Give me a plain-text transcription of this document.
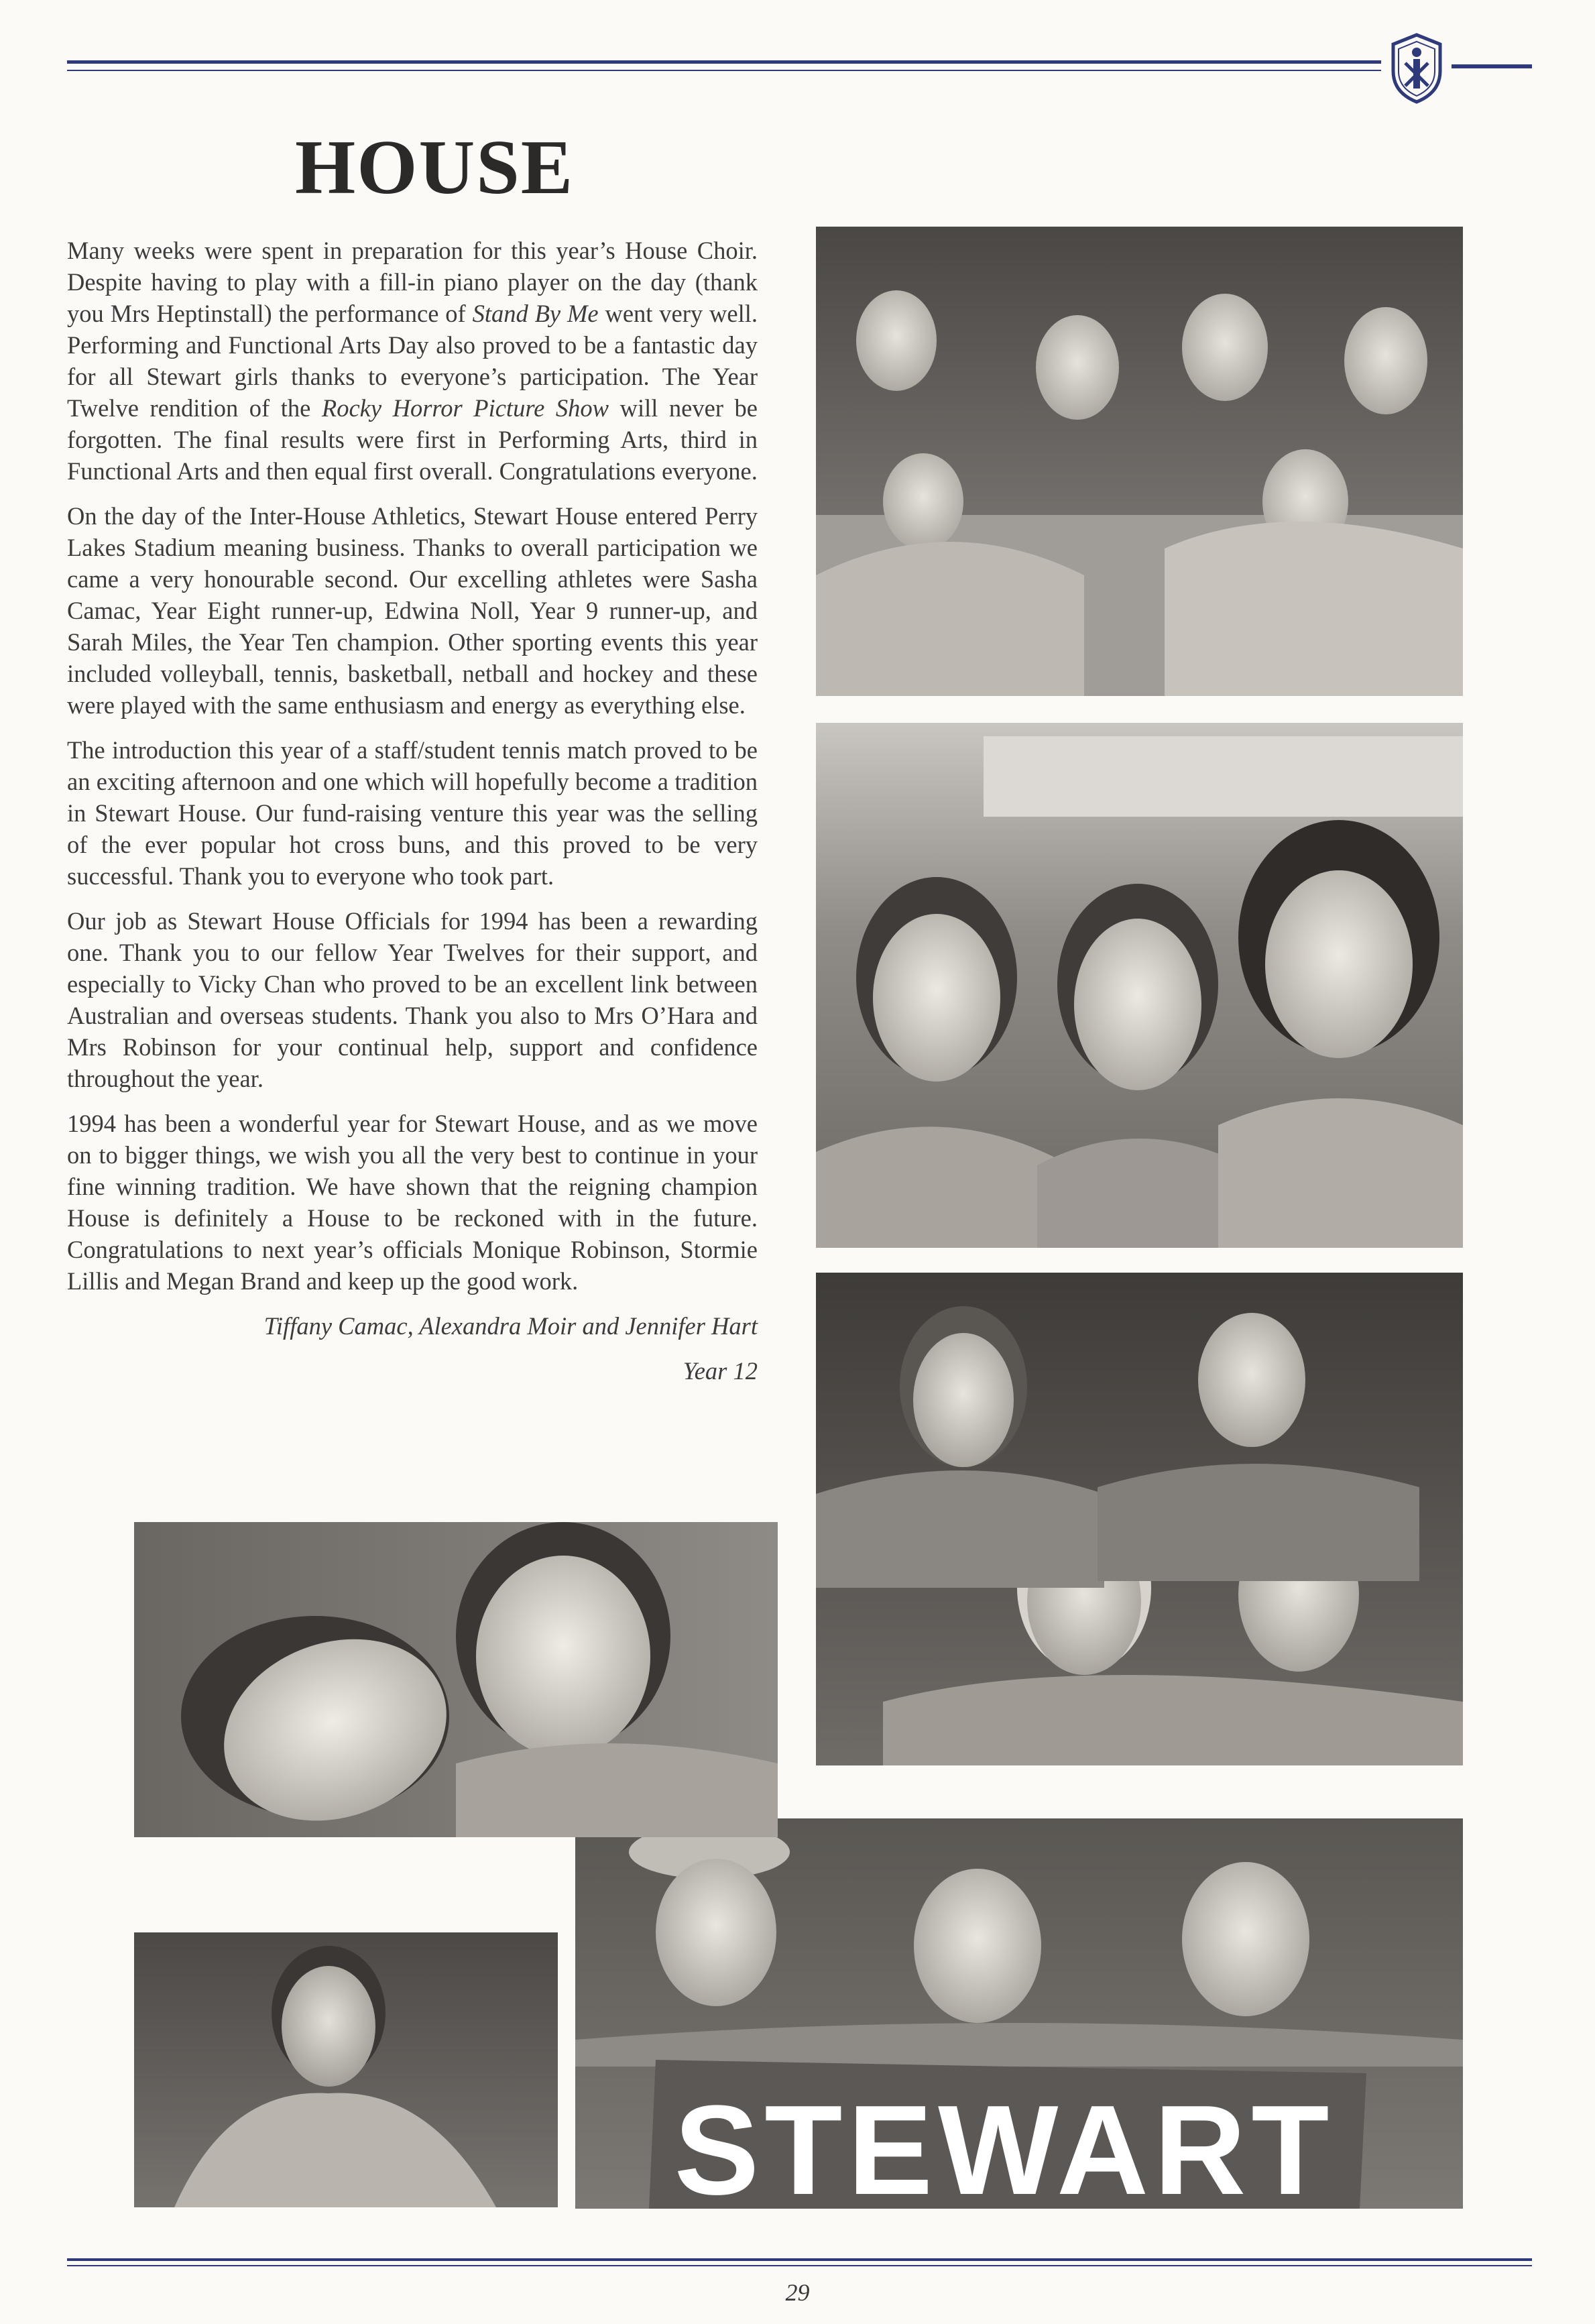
HOUSE

Many weeks were spent in preparation for this year’s House Choir. Despite having to play with a fill-in piano player on the day (thank you Mrs Heptinstall) the performance of Stand By Me went very well. Performing and Functional Arts Day also proved to be a fantastic day for all Stewart girls thanks to everyone’s participation. The Year Twelve rendition of the Rocky Horror Picture Show will never be forgotten. The final results were first in Performing Arts, third in Functional Arts and then equal first overall. Congratulations everyone.

On the day of the Inter-House Athletics, Stewart House entered Perry Lakes Stadium meaning business. Thanks to overall participation we came a very honourable second. Our excelling athletes were Sasha Camac, Year Eight runner-up, Edwina Noll, Year 9 runner-up, and Sarah Miles, the Year Ten champion. Other sporting events this year included volleyball, tennis, basketball, netball and hockey and these were played with the same enthusiasm and energy as everything else.

The introduction this year of a staff/student tennis match proved to be an exciting afternoon and one which will hopefully become a tradition in Stewart House. Our fund-raising venture this year was the selling of the ever popular hot cross buns, and this proved to be very successful. Thank you to everyone who took part.

Our job as Stewart House Officials for 1994 has been a rewarding one. Thank you to our fellow Year Twelves for their support, and especially to Vicky Chan who proved to be an excellent link between Australian and overseas students. Thank you also to Mrs O’Hara and Mrs Robinson for your continual help, support and confidence throughout the year.

1994 has been a wonderful year for Stewart House, and as we move on to bigger things, we wish you all the very best to continue in your fine winning tradition. We have shown that the reigning champion House is definitely a House to be reckoned with in the future. Congratulations to next year’s officials Monique Robinson, Stormie Lillis and Megan Brand and keep up the good work.

Tiffany Camac, Alexandra Moir and Jennifer Hart

Year 12

STEWART
29
